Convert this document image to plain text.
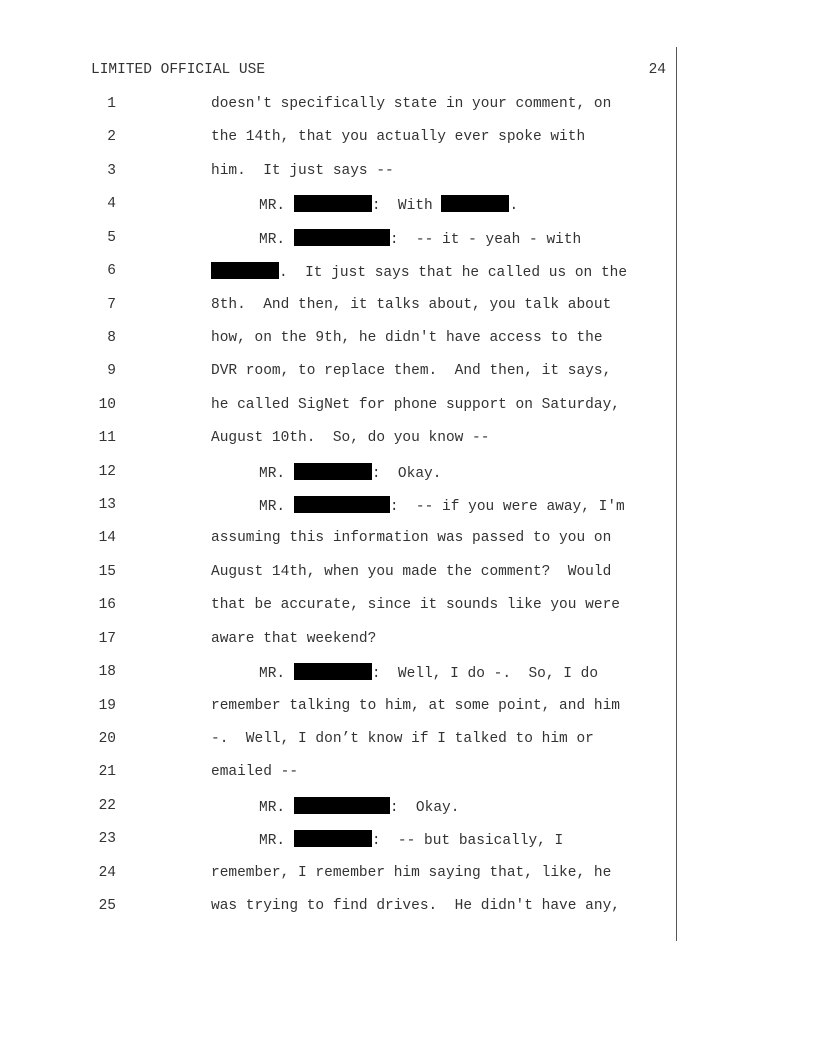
LIMITED OFFICIAL USE	24
1	doesn't specifically state in your comment, on
2	the 14th, that you actually ever spoke with
3	him.  It just says --
4	MR.	:  With	.
5	MR.	:  -- it - yeah - with
6	.  It just says that he called us on the
7	8th.  And then, it talks about, you talk about
8	how, on the 9th, he didn't have access to the
9	DVR room, to replace them.  And then, it says,
10	he called SigNet for phone support on Saturday,
11	August 10th.  So, do you know --
12	MR.	:  Okay.
13	MR.	:  -- if you were away, I'm
14	assuming this information was passed to you on
15	August 14th, when you made the comment?  Would
16	that be accurate, since it sounds like you were
17	aware that weekend?
18	MR.	:  Well, I do -.  So, I do
19	remember talking to him, at some point, and him
20	-.  Well, I don’t know if I talked to him or
21	emailed --
22	MR.	:  Okay.
23	MR.	:  -- but basically, I
24	remember, I remember him saying that, like, he
25	was trying to find drives.  He didn't have any,
